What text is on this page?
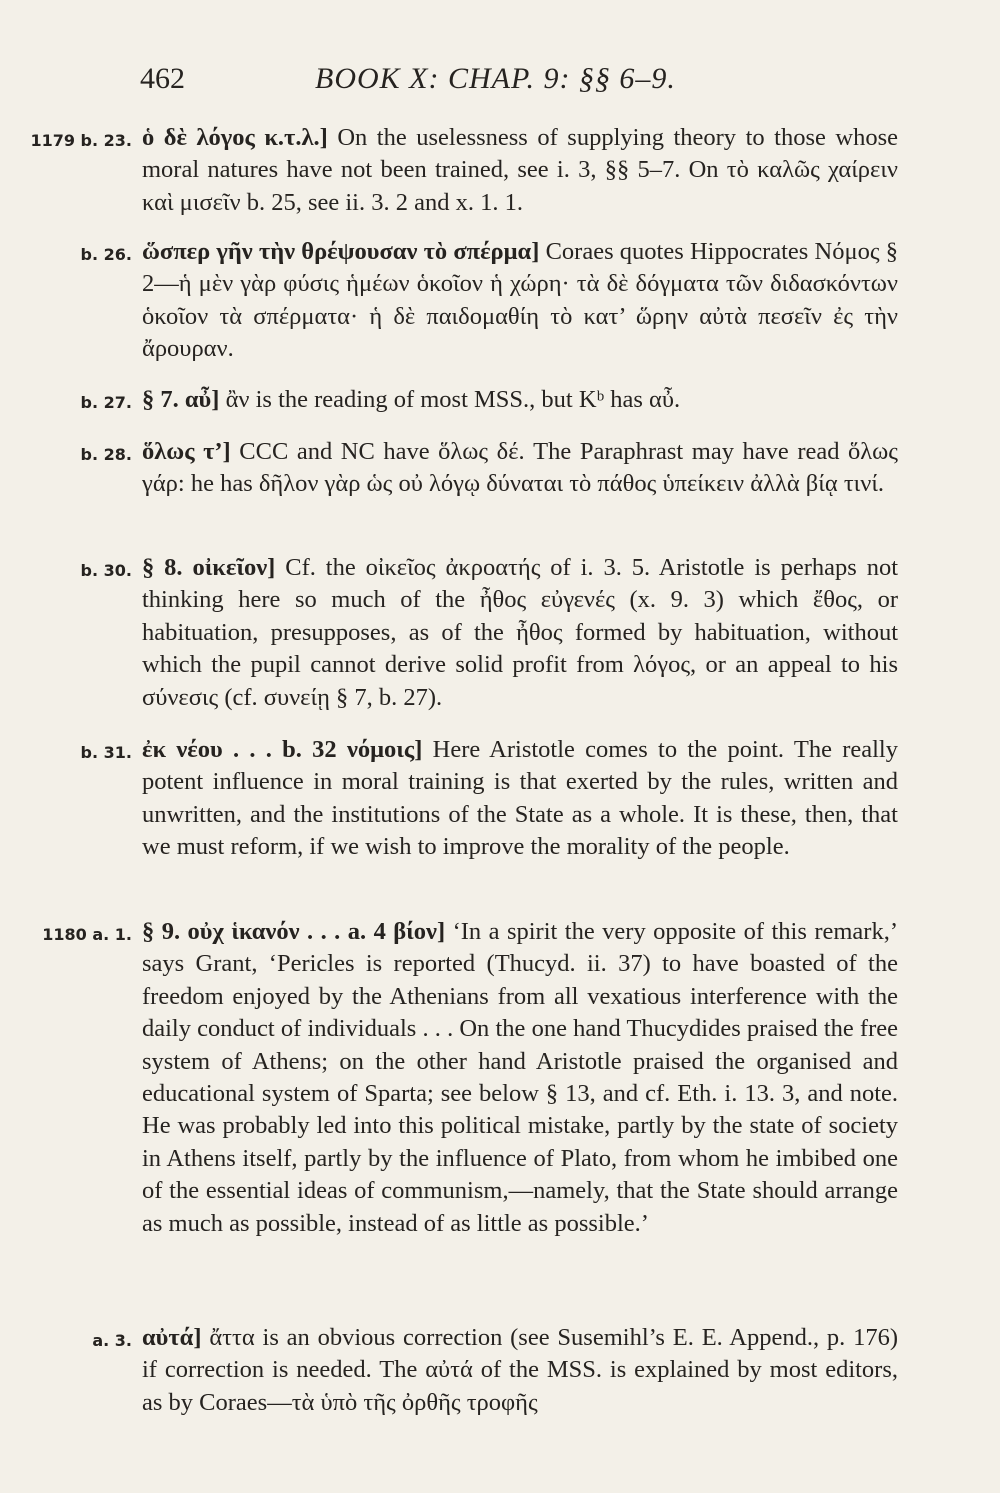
462	BOOK X: CHAP. 9: §§ 6–9.
1179 b. 23. ὁ δὲ λόγος κ.τ.λ.] On the uselessness of supplying theory to those whose moral natures have not been trained, see i. 3, §§ 5–7. On τὸ καλῶς χαίρειν καὶ μισεῖν b. 25, see ii. 3. 2 and x. 1. 1.
b. 26. ὥσπερ γῆν τὴν θρέψουσαν τὸ σπέρμα] Coraes quotes Hippocrates Νόμος § 2—ἡ μὲν γὰρ φύσις ἡμέων ὁκοῖον ἡ χώρη· τὰ δὲ δόγματα τῶν διδασκόντων ὁκοῖον τὰ σπέρματα· ἡ δὲ παιδομαθίη τὸ κατ’ ὥρην αὐτὰ πεσεῖν ἐς τὴν ἄρουραν.
b. 27. § 7. αὖ] ἂν is the reading of most MSS., but Kᵇ has αὖ.
b. 28. ὅλως τ’] CCC and NC have ὅλως δέ. The Paraphrast may have read ὅλως γάρ: he has δῆλον γὰρ ὡς οὐ λόγῳ δύναται τὸ πάθος ὑπείκειν ἀλλὰ βίᾳ τινί.
b. 30. § 8. οἰκεῖον] Cf. the οἰκεῖος ἀκροατής of i. 3. 5. Aristotle is perhaps not thinking here so much of the ἦθος εὐγενές (x. 9. 3) which ἔθος, or habituation, presupposes, as of the ἦθος formed by habituation, without which the pupil cannot derive solid profit from λόγος, or an appeal to his σύνεσις (cf. συνείῃ § 7, b. 27).
b. 31. ἐκ νέου . . . b. 32 νόμοις] Here Aristotle comes to the point. The really potent influence in moral training is that exerted by the rules, written and unwritten, and the institutions of the State as a whole. It is these, then, that we must reform, if we wish to improve the morality of the people.
1180 a. 1. § 9. οὐχ ἱκανόν . . . a. 4 βίον] ‘In a spirit the very opposite of this remark,’ says Grant, ‘Pericles is reported (Thucyd. ii. 37) to have boasted of the freedom enjoyed by the Athenians from all vexatious interference with the daily conduct of individuals . . . On the one hand Thucydides praised the free system of Athens; on the other hand Aristotle praised the organised and educational system of Sparta; see below § 13, and cf. Eth. i. 13. 3, and note. He was probably led into this political mistake, partly by the state of society in Athens itself, partly by the influence of Plato, from whom he imbibed one of the essential ideas of communism,—namely, that the State should arrange as much as possible, instead of as little as possible.’
a. 3. αὐτά] ἄττα is an obvious correction (see Susemihl’s E. E. Append., p. 176) if correction is needed. The αὐτά of the MSS. is explained by most editors, as by Coraes—τὰ ὑπὸ τῆς ὀρθῆς τροφῆς
